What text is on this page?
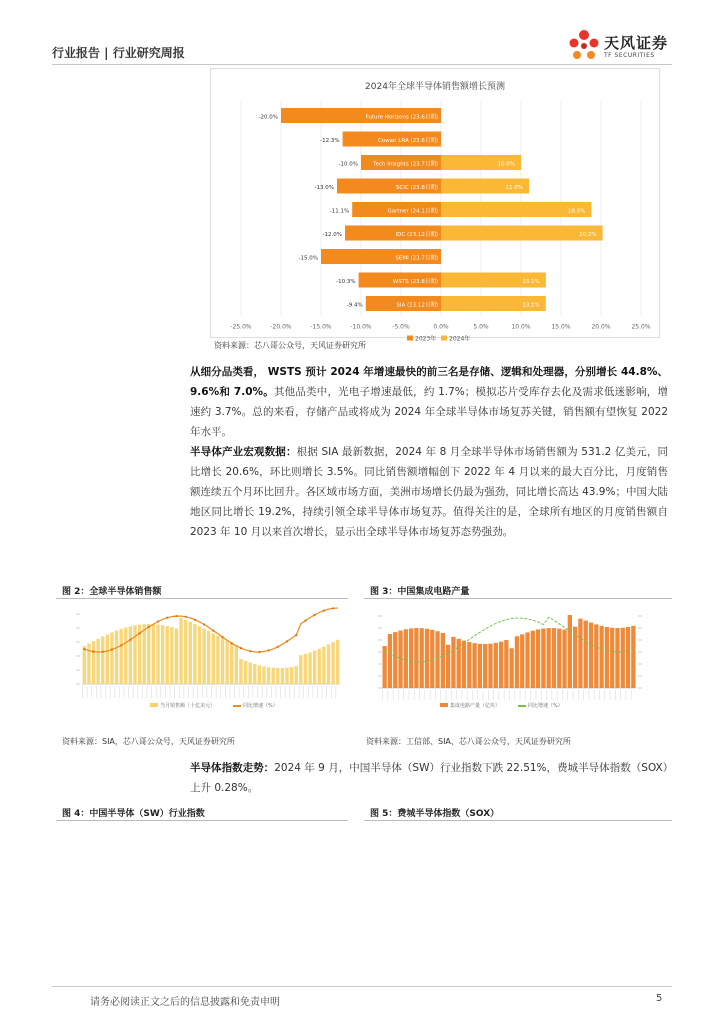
行业报告 | 行业研究周报
天风证券
TF SECURITIES
2024年全球半导体销售额增长预测
-25.0%	-20.0%	-15.0%	-10.0%	-5.0%	0.0%	5.0%	10.0%	15.0%	20.0%	25.0%
Future Horizons (23.6日期)
-20.0%
Cowan LRA (23.6日期)
-12.3%
Tech Insights (23.7日期)
-10.0%	10.0%
SCIC (23.8日期)
-13.0%	11.0%
Gartner (24.1日期)
-11.1%	18.8%
IDC (23.12日期)
-12.0%	20.2%
SEMI (23.7日期)
-15.0%
WSTS (23.8日期)
-10.3%	13.1%
SIA (23.12日期)
-9.4%	13.1%
2023年 2024年
资料来源：芯八哥公众号，天风证券研究所
从细分品类看， WSTS 预计 2024 年增速最快的前三名是存储、逻辑和处理器，分别增长 44.8%、9.6%和 7.0%。其他品类中，光电子增速最低，约 1.7%；模拟芯片受库存去化及需求低迷影响，增速约 3.7%。总的来看，存储产品或将成为 2024 年全球半导体市场复苏关键，销售额有望恢复 2022 年水平。
半导体产业宏观数据：根据 SIA 最新数据，2024 年 8 月全球半导体市场销售额为 531.2 亿美元，同比增长 20.6%，环比则增长 3.5%。同比销售额增幅创下 2022 年 4 月以来的最大百分比，月度销售额连续五个月环比回升。各区域市场方面，美洲市场增长仍最为强劲，同比增长高达 43.9%；中国大陆地区同比增长 19.2%，持续引领全球半导体市场复苏。值得关注的是，全球所有地区的月度销售额自 2023 年 10 月以来首次增长，显示出全球半导体市场复苏态势强劲。
图 2：全球半导体销售额	图 3：中国集成电路产量
当月销售额（十亿美元）	同比增速（%）
资料来源：SIA，芯八哥公众号，天风证券研究所
集成电路产量（亿块）	同比增速（%）
资料来源：工信部、SIA、芯八哥公众号，天风证券研究所
半导体指数走势：2024 年 9 月，中国半导体（SW）行业指数下跌 22.51%，费城半导体指数（SOX）上升 0.28%。
图 4：中国半导体（SW）行业指数	图 5：费城半导体指数（SOX）
请务必阅读正文之后的信息披露和免责申明	5
